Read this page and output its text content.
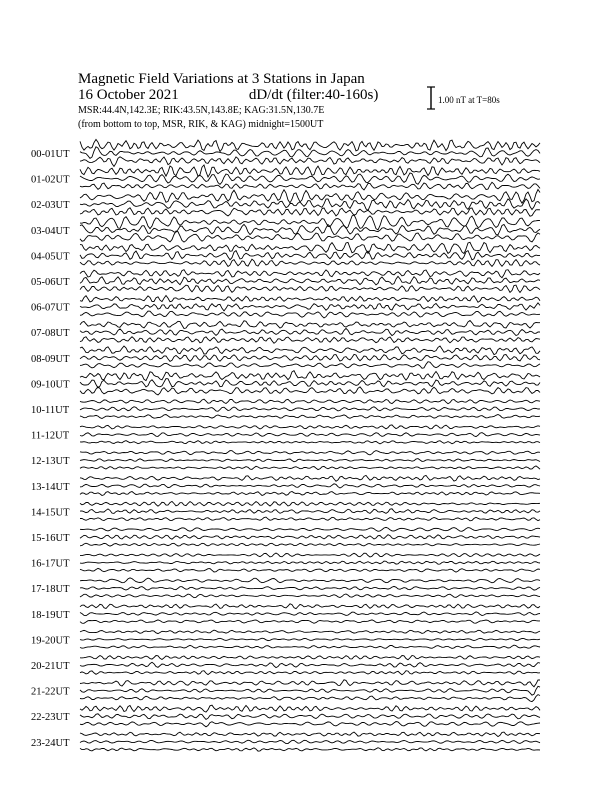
Magnetic Field Variations at 3 Stations in Japan
16 October 2021	dD/dt (filter:40-160s)
MSR:44.4N,142.3E; RIK:43.5N,143.8E; KAG:31.5N,130.7E
(from bottom to top, MSR, RIK, & KAG) midnight=1500UT
1.00 nT at T=80s
00-01UT
01-02UT
02-03UT
03-04UT
04-05UT
05-06UT
06-07UT
07-08UT
08-09UT
09-10UT
10-11UT
11-12UT
12-13UT
13-14UT
14-15UT
15-16UT
16-17UT
17-18UT
18-19UT
19-20UT
20-21UT
21-22UT
22-23UT
23-24UT
